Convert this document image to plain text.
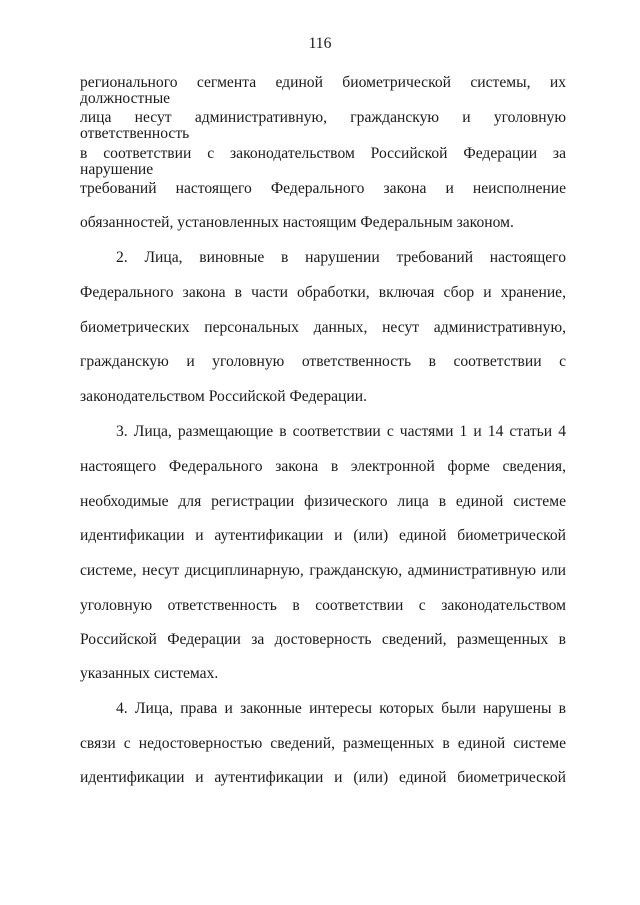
116
регионального сегмента единой биометрической системы, их должностные
лица несут административную, гражданскую и уголовную ответственность
в соответствии с законодательством Российской Федерации за нарушение
требований настоящего Федерального закона и неисполнение
обязанностей, установленных настоящим Федеральным законом.
2. Лица, виновные в нарушении требований настоящего
Федерального закона в части обработки, включая сбор и хранение,
биометрических персональных данных, несут административную,
гражданскую и уголовную ответственность в соответствии с
законодательством Российской Федерации.
3. Лица, размещающие в соответствии с частями 1 и 14 статьи 4
настоящего Федерального закона в электронной форме сведения,
необходимые для регистрации физического лица в единой системе
идентификации и аутентификации и (или) единой биометрической
системе, несут дисциплинарную, гражданскую, административную или
уголовную ответственность в соответствии с законодательством
Российской Федерации за достоверность сведений, размещенных в
указанных системах.
4. Лица, права и законные интересы которых были нарушены в
связи с недостоверностью сведений, размещенных в единой системе
идентификации и аутентификации и (или) единой биометрической
